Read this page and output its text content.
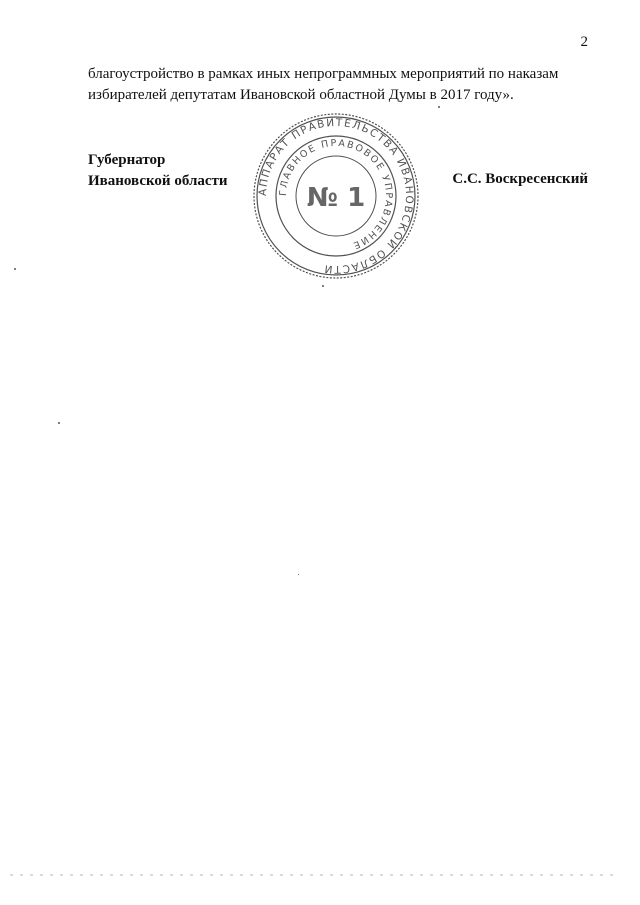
2
благоустройство в рамках иных непрограммных мероприятий по наказам
избирателей депутатам Ивановской областной Думы в 2017 году».
Губернатор
Ивановской области	С.С. Воскресенский
АППАРАТ ПРАВИТЕЛЬСТВА ИВАНОВСКОЙ ОБЛАСТИ
ГЛАВНОЕ ПРАВОВОЕ УПРАВЛЕНИЕ
№ 1
